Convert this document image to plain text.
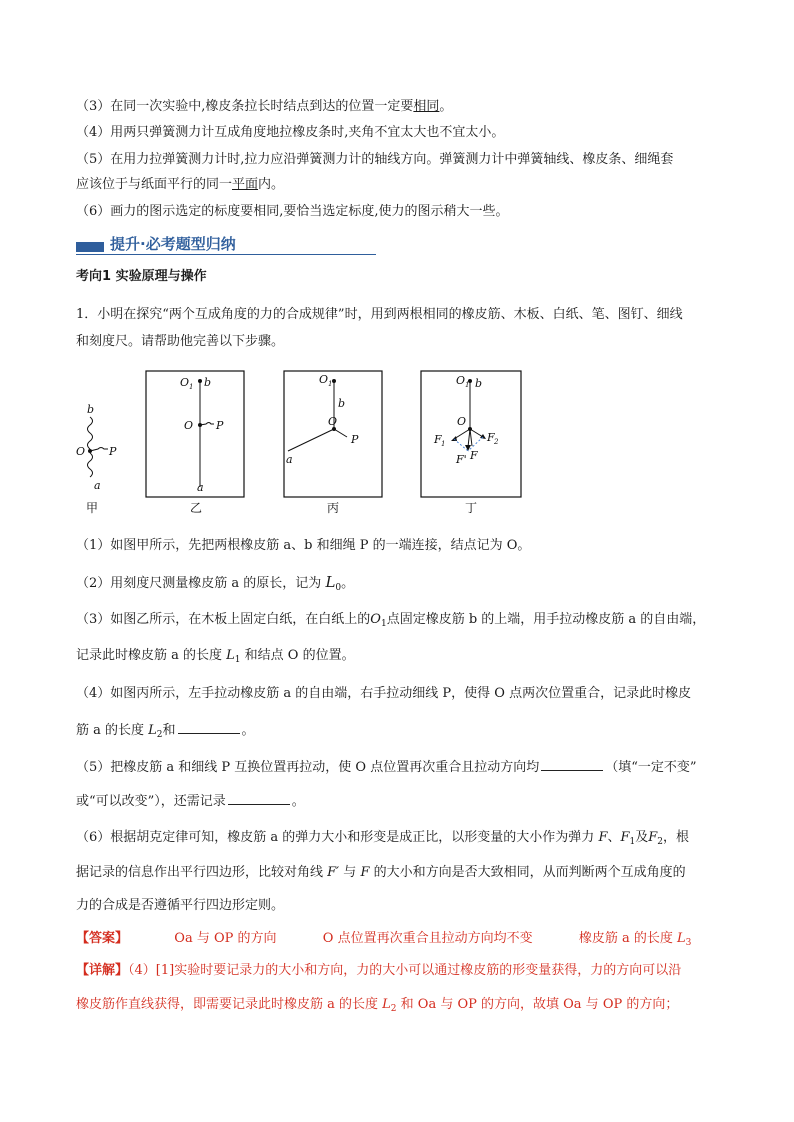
（3）在同一次实验中,橡皮条拉长时结点到达的位置一定要相同。
（4）用两只弹簧测力计互成角度地拉橡皮条时,夹角不宜太大也不宜太小。
（5）在用力拉弹簧测力计时,拉力应沿弹簧测力计的轴线方向。弹簧测力计中弹簧轴线、橡皮条、细绳套
应该位于与纸面平行的同一平面内。
（6）画力的图示选定的标度要相同,要恰当选定标度,使力的图示稍大一些。
提升·必考题型归纳
考向1 实验原理与操作
1．小明在探究“两个互成角度的力的合成规律”时，用到两根相同的橡皮筋、木板、白纸、笔、图钉、细线
和刻度尺。请帮助他完善以下步骤。
b
O P
a
O 1 b
O P
a
O 1
b
O
P
a
O 1 b
O
F 1	F 2
F' F
甲	乙	丙	丁
（1）如图甲所示，先把两根橡皮筋 a、b 和细绳 P 的一端连接，结点记为 O。
（2）用刻度尺测量橡皮筋 a 的原长，记为 $L_0$。
（3）如图乙所示，在木板上固定白纸，在白纸上的$O_1$点固定橡皮筋 b 的上端，用手拉动橡皮筋 a 的自由端，
记录此时橡皮筋 a 的长度 $L_1$ 和结点 O 的位置。
（4）如图丙所示，左手拉动橡皮筋 a 的自由端，右手拉动细线 P，使得 O 点两次位置重合，记录此时橡皮
筋 a 的长度 $L_2$和	。
（5）把橡皮筋 a 和细线 P 互换位置再拉动，使 O 点位置再次重合且拉动方向均	（填“一定不变”
或“可以改变”），还需记录	。
（6）根据胡克定律可知，橡皮筋 a 的弹力大小和形变是成正比，以形变量的大小作为弹力 F、$F_1$及$F_2$，根
据记录的信息作出平行四边形，比较对角线 F′ 与 F 的大小和方向是否大致相同，从而判断两个互成角度的
力的合成是否遵循平行四边形定则。
【答案】	Oa 与 OP 的方向	O 点位置再次重合且拉动方向均不变	橡皮筋 a 的长度 $L_3$
【详解】（4）[1]实验时要记录力的大小和方向，力的大小可以通过橡皮筋的形变量获得，力的方向可以沿
橡皮筋作直线获得，即需要记录此时橡皮筋 a 的长度 $L_2$ 和 Oa 与 OP 的方向，故填 Oa 与 OP 的方向；
